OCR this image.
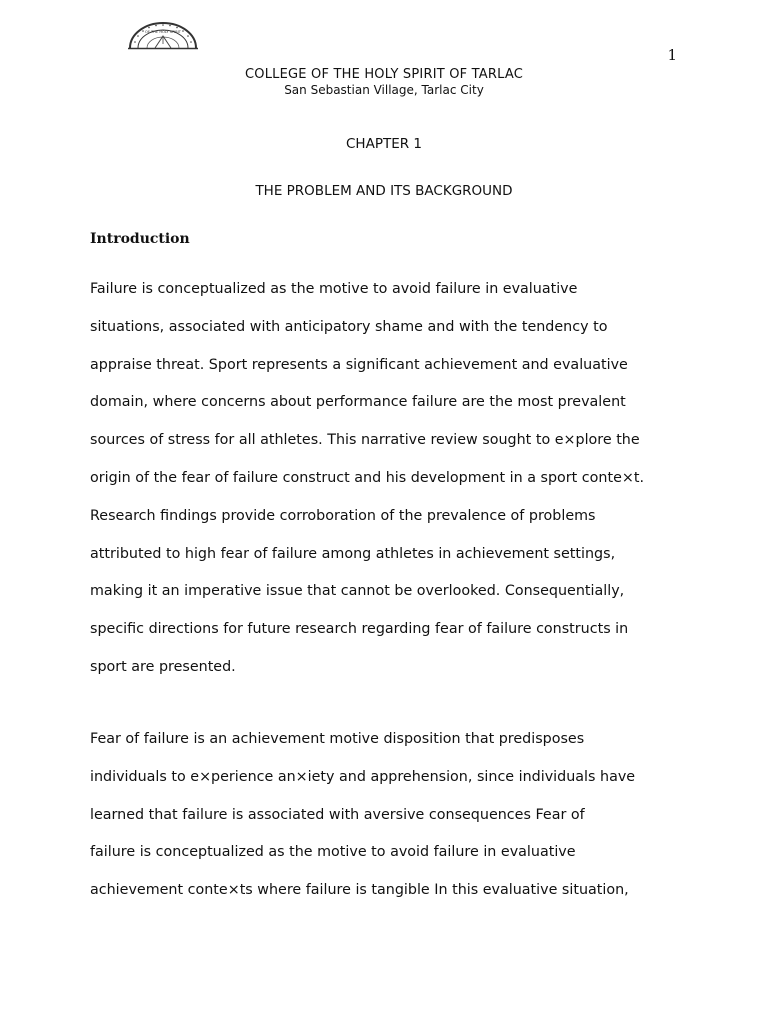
OF THE HOLY SPIRIT
1
COLLEGE OF THE HOLY SPIRIT OF TARLAC
San Sebastian Village, Tarlac City
CHAPTER 1
THE PROBLEM AND ITS BACKGROUND
Introduction
Failure is conceptualized as the motive to avoid failure in evaluative
situations, associated with anticipatory shame and with the tendency to
appraise threat. Sport represents a significant achievement and evaluative
domain, where concerns about performance failure are the most prevalent
sources of stress for all athletes. This narrative review sought to e×plore the
origin of the fear of failure construct and his development in a sport conte×t.
Research findings provide corroboration of the prevalence of problems
attributed to high fear of failure among athletes in achievement settings,
making it an imperative issue that cannot be overlooked. Consequentially,
specific directions for future research regarding fear of failure constructs in
sport are presented.
Fear of failure is an achievement motive disposition that predisposes
individuals to e×perience an×iety and apprehension, since individuals have
learned that failure is associated with aversive consequences Fear of
failure is conceptualized as the motive to avoid failure in evaluative
achievement conte×ts where failure is tangible In this evaluative situation,
